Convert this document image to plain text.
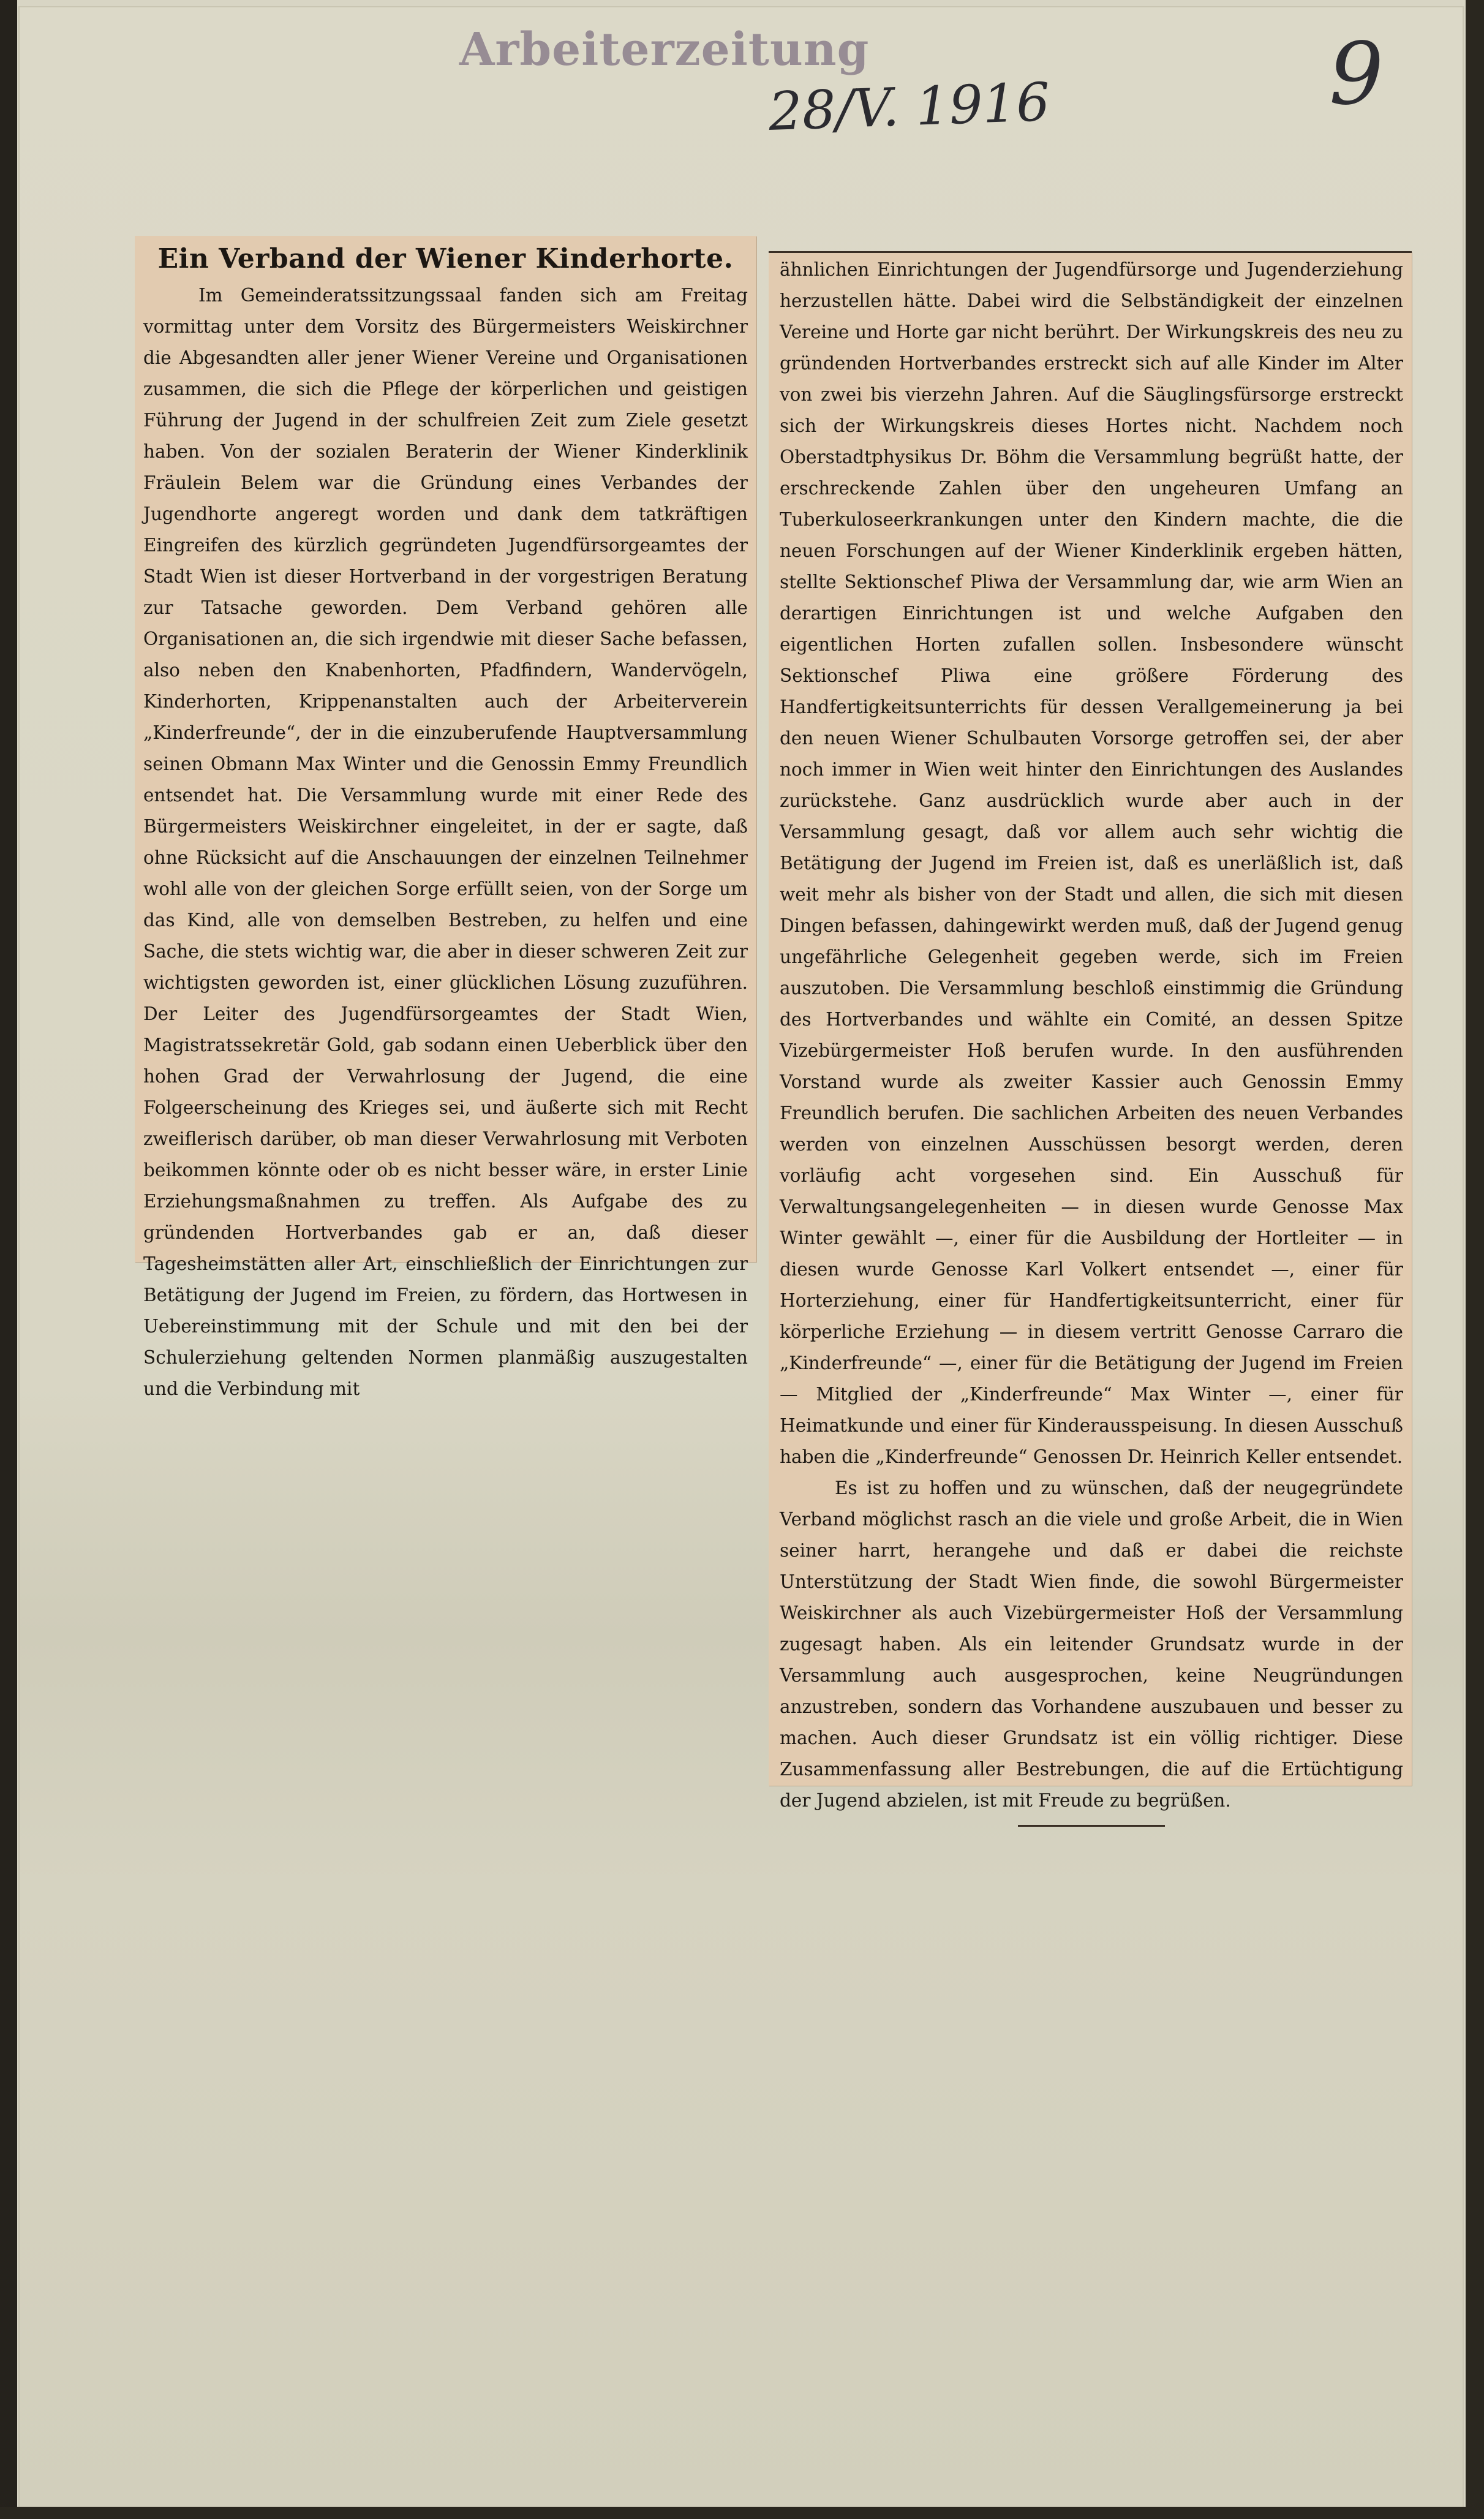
Arbeiterzeitung
28/V. 1916	9
Ein Verband der Wiener Kinderhorte.

Im Gemeinderatssitzungssaal fanden sich am Freitag vormittag unter dem Vorsitz des Bürgermeisters Weiskirchner die Abgesandten aller jener Wiener Vereine und Organisationen zusammen, die sich die Pflege der körperlichen und geistigen Führung der Jugend in der schulfreien Zeit zum Ziele gesetzt haben. Von der sozialen Beraterin der Wiener Kinderklinik Fräulein Belem war die Gründung eines Verbandes der Jugendhorte angeregt worden und dank dem tatkräftigen Eingreifen des kürzlich gegründeten Jugendfürsorgeamtes der Stadt Wien ist dieser Hortverband in der vorgestrigen Beratung zur Tatsache geworden. Dem Verband gehören alle Organisationen an, die sich irgendwie mit dieser Sache befassen, also neben den Knabenhorten, Pfadfindern, Wandervögeln, Kinderhorten, Krippenanstalten auch der Arbeiterverein „Kinderfreunde“, der in die einzuberufende Hauptversammlung seinen Obmann Max Winter und die Genossin Emmy Freundlich entsendet hat. Die Versammlung wurde mit einer Rede des Bürgermeisters Weiskirchner eingeleitet, in der er sagte, daß ohne Rücksicht auf die Anschauungen der einzelnen Teilnehmer wohl alle von der gleichen Sorge erfüllt seien, von der Sorge um das Kind, alle von demselben Bestreben, zu helfen und eine Sache, die stets wichtig war, die aber in dieser schweren Zeit zur wichtigsten geworden ist, einer glücklichen Lösung zuzuführen. Der Leiter des Jugendfürsorgeamtes der Stadt Wien, Magistratssekretär Gold, gab sodann einen Ueberblick über den hohen Grad der Verwahrlosung der Jugend, die eine Folgeerscheinung des Krieges sei, und äußerte sich mit Recht zweiflerisch darüber, ob man dieser Verwahrlosung mit Verboten beikommen könnte oder ob es nicht besser wäre, in erster Linie Erziehungsmaßnahmen zu treffen. Als Aufgabe des zu gründenden Hortverbandes gab er an, daß dieser Tagesheimstätten aller Art, einschließlich der Einrichtungen zur Betätigung der Jugend im Freien, zu fördern, das Hortwesen in Uebereinstimmung mit der Schule und mit den bei der Schulerziehung geltenden Normen planmäßig auszugestalten und die Verbindung mit

ähnlichen Einrichtungen der Jugendfürsorge und Jugenderziehung herzustellen hätte. Dabei wird die Selbständigkeit der einzelnen Vereine und Horte gar nicht berührt. Der Wirkungskreis des neu zu gründenden Hortverbandes erstreckt sich auf alle Kinder im Alter von zwei bis vierzehn Jahren. Auf die Säuglingsfürsorge erstreckt sich der Wirkungskreis dieses Hortes nicht. Nachdem noch Oberstadtphysikus Dr. Böhm die Versammlung begrüßt hatte, der erschreckende Zahlen über den ungeheuren Umfang an Tuberkuloseerkrankungen unter den Kindern machte, die die neuen Forschungen auf der Wiener Kinderklinik ergeben hätten, stellte Sektionschef Pliwa der Versammlung dar, wie arm Wien an derartigen Einrichtungen ist und welche Aufgaben den eigentlichen Horten zufallen sollen. Insbesondere wünscht Sektionschef Pliwa eine größere Förderung des Handfertigkeitsunterrichts für dessen Verallgemeinerung ja bei den neuen Wiener Schulbauten Vorsorge getroffen sei, der aber noch immer in Wien weit hinter den Einrichtungen des Auslandes zurückstehe. Ganz ausdrücklich wurde aber auch in der Versammlung gesagt, daß vor allem auch sehr wichtig die Betätigung der Jugend im Freien ist, daß es unerläßlich ist, daß weit mehr als bisher von der Stadt und allen, die sich mit diesen Dingen befassen, dahingewirkt werden muß, daß der Jugend genug ungefährliche Gelegenheit gegeben werde, sich im Freien auszutoben. Die Versammlung beschloß einstimmig die Gründung des Hortverbandes und wählte ein Comité, an dessen Spitze Vizebürgermeister Hoß berufen wurde. In den ausführenden Vorstand wurde als zweiter Kassier auch Genossin Emmy Freundlich berufen. Die sachlichen Arbeiten des neuen Verbandes werden von einzelnen Ausschüssen besorgt werden, deren vorläufig acht vorgesehen sind. Ein Ausschuß für Verwaltungsangelegenheiten — in diesen wurde Genosse Max Winter gewählt —, einer für die Ausbildung der Hortleiter — in diesen wurde Genosse Karl Volkert entsendet —, einer für Horterziehung, einer für Handfertigkeitsunterricht, einer für körperliche Erziehung — in diesem vertritt Genosse Carraro die „Kinderfreunde“ —, einer für die Betätigung der Jugend im Freien — Mitglied der „Kinderfreunde“ Max Winter —, einer für Heimatkunde und einer für Kinderausspeisung. In diesen Ausschuß haben die „Kinderfreunde“ Genossen Dr. Heinrich Keller entsendet.

Es ist zu hoffen und zu wünschen, daß der neugegründete Verband möglichst rasch an die viele und große Arbeit, die in Wien seiner harrt, herangehe und daß er dabei die reichste Unterstützung der Stadt Wien finde, die sowohl Bürgermeister Weiskirchner als auch Vizebürgermeister Hoß der Versammlung zugesagt haben. Als ein leitender Grundsatz wurde in der Versammlung auch ausgesprochen, keine Neugründungen anzustreben, sondern das Vorhandene auszubauen und besser zu machen. Auch dieser Grundsatz ist ein völlig richtiger. Diese Zusammenfassung aller Bestrebungen, die auf die Ertüchtigung der Jugend abzielen, ist mit Freude zu begrüßen.
